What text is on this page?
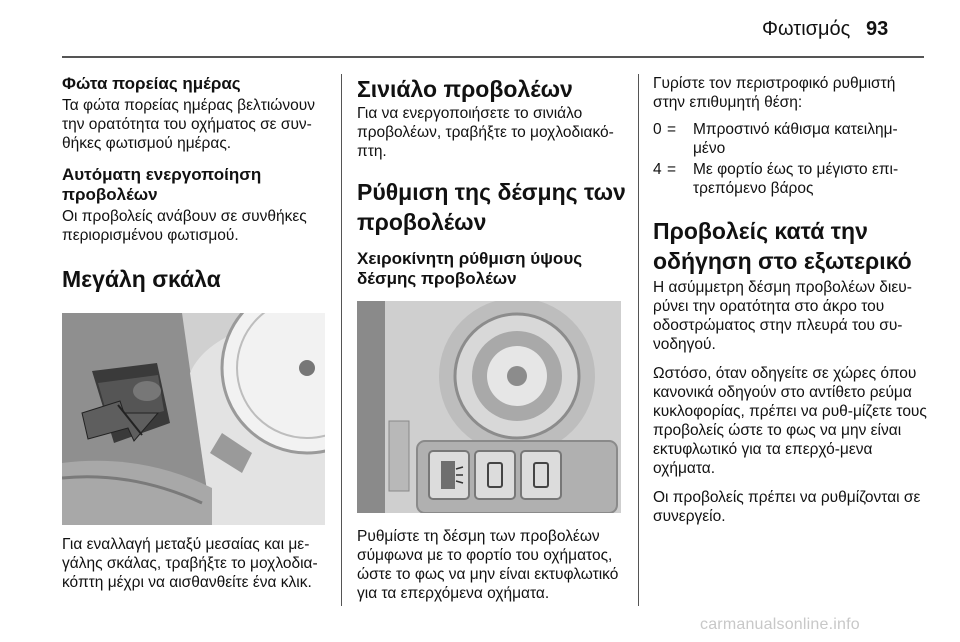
Φωτισμός 93
Φώτα πορείας ημέρας
Τα φώτα πορείας ημέρας βελτιώνουν την ορατότητα του οχήματος σε συν-θήκες φωτισμού ημέρας.
Αυτόματη ενεργοποίηση προβολέων
Οι προβολείς ανάβουν σε συνθήκες περιορισμένου φωτισμού.
Μεγάλη σκάλα
Για εναλλαγή μεταξύ μεσαίας και με-γάλης σκάλας, τραβήξτε το μοχλοδια-κόπτη μέχρι να αισθανθείτε ένα κλικ.
Σινιάλο προβολέων
Για να ενεργοποιήσετε το σινιάλο προβολέων, τραβήξτε το μοχλοδιακό-πτη.
Ρύθμιση της δέσμης των προβολέων
Χειροκίνητη ρύθμιση ύψους δέσμης προβολέων
Ρυθμίστε τη δέσμη των προβολέων σύμφωνα με το φορτίο του οχήματος, ώστε το φως να μην είναι εκτυφλωτικό για τα επερχόμενα οχήματα.
Γυρίστε τον περιστροφικό ρυθμιστή στην επιθυμητή θέση:
0 =	Μπροστινό κάθισμα κατειλημ-μένο
4 =	Με φορτίο έως το μέγιστο επι-τρεπόμενο βάρος
Προβολείς κατά την οδήγηση στο εξωτερικό
Η ασύμμετρη δέσμη προβολέων διευ-ρύνει την ορατότητα στο άκρο του οδοστρώματος στην πλευρά του συ-νοδηγού.
Ωστόσο, όταν οδηγείτε σε χώρες όπου κανονικά οδηγούν στο αντίθετο ρεύμα κυκλοφορίας, πρέπει να ρυθ-μίζετε τους προβολείς ώστε το φως να μην είναι εκτυφλωτικό για τα επερχό-μενα οχήματα.
Οι προβολείς πρέπει να ρυθμίζονται σε συνεργείο.
carmanualsonline.info
